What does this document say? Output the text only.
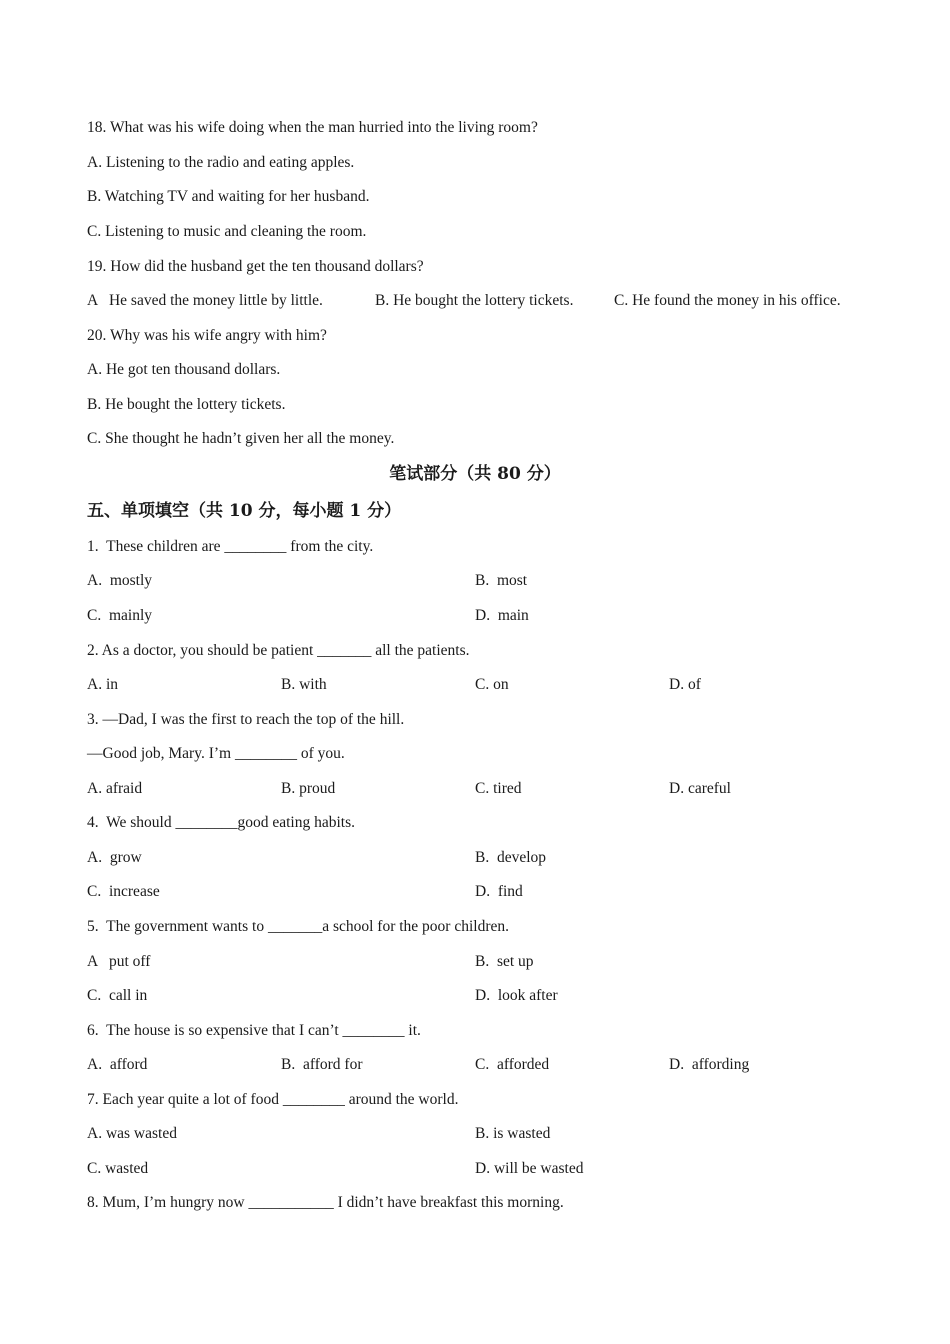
18. What was his wife doing when the man hurried into the living room?
A. Listening to the radio and eating apples.
B. Watching TV and waiting for her husband.
C. Listening to music and cleaning the room.
19. How did the husband get the ten thousand dollars?
A   He saved the money little by little.	B. He bought the lottery tickets.	C. He found the money in his office.
20. Why was his wife angry with him?
A. He got ten thousand dollars.
B. He bought the lottery tickets.
C. She thought he hadn’t given her all the money.
笔试部分（共 80 分）
五、单项填空（共 10 分，每小题 1 分）
1.  These children are ________ from the city.
A.  mostly	B.  most
C.  mainly	D.  main
2. As a doctor, you should be patient _______ all the patients.
A. in	B. with	C. on	D. of
3. —Dad, I was the first to reach the top of the hill.
—Good job, Mary. I’m ________ of you.
A. afraid	B. proud	C. tired	D. careful
4.  We should ________good eating habits.
A.  grow	B.  develop
C.  increase	D.  find
5.  The government wants to _______a school for the poor children.
A   put off	B.  set up
C.  call in	D.  look after
6.  The house is so expensive that I can’t ________ it.
A.  afford	B.  afford for	C.  afforded	D.  affording
7. Each year quite a lot of food ________ around the world.
A. was wasted	B. is wasted
C. wasted	D. will be wasted
8. Mum, I’m hungry now ___________ I didn’t have breakfast this morning.
